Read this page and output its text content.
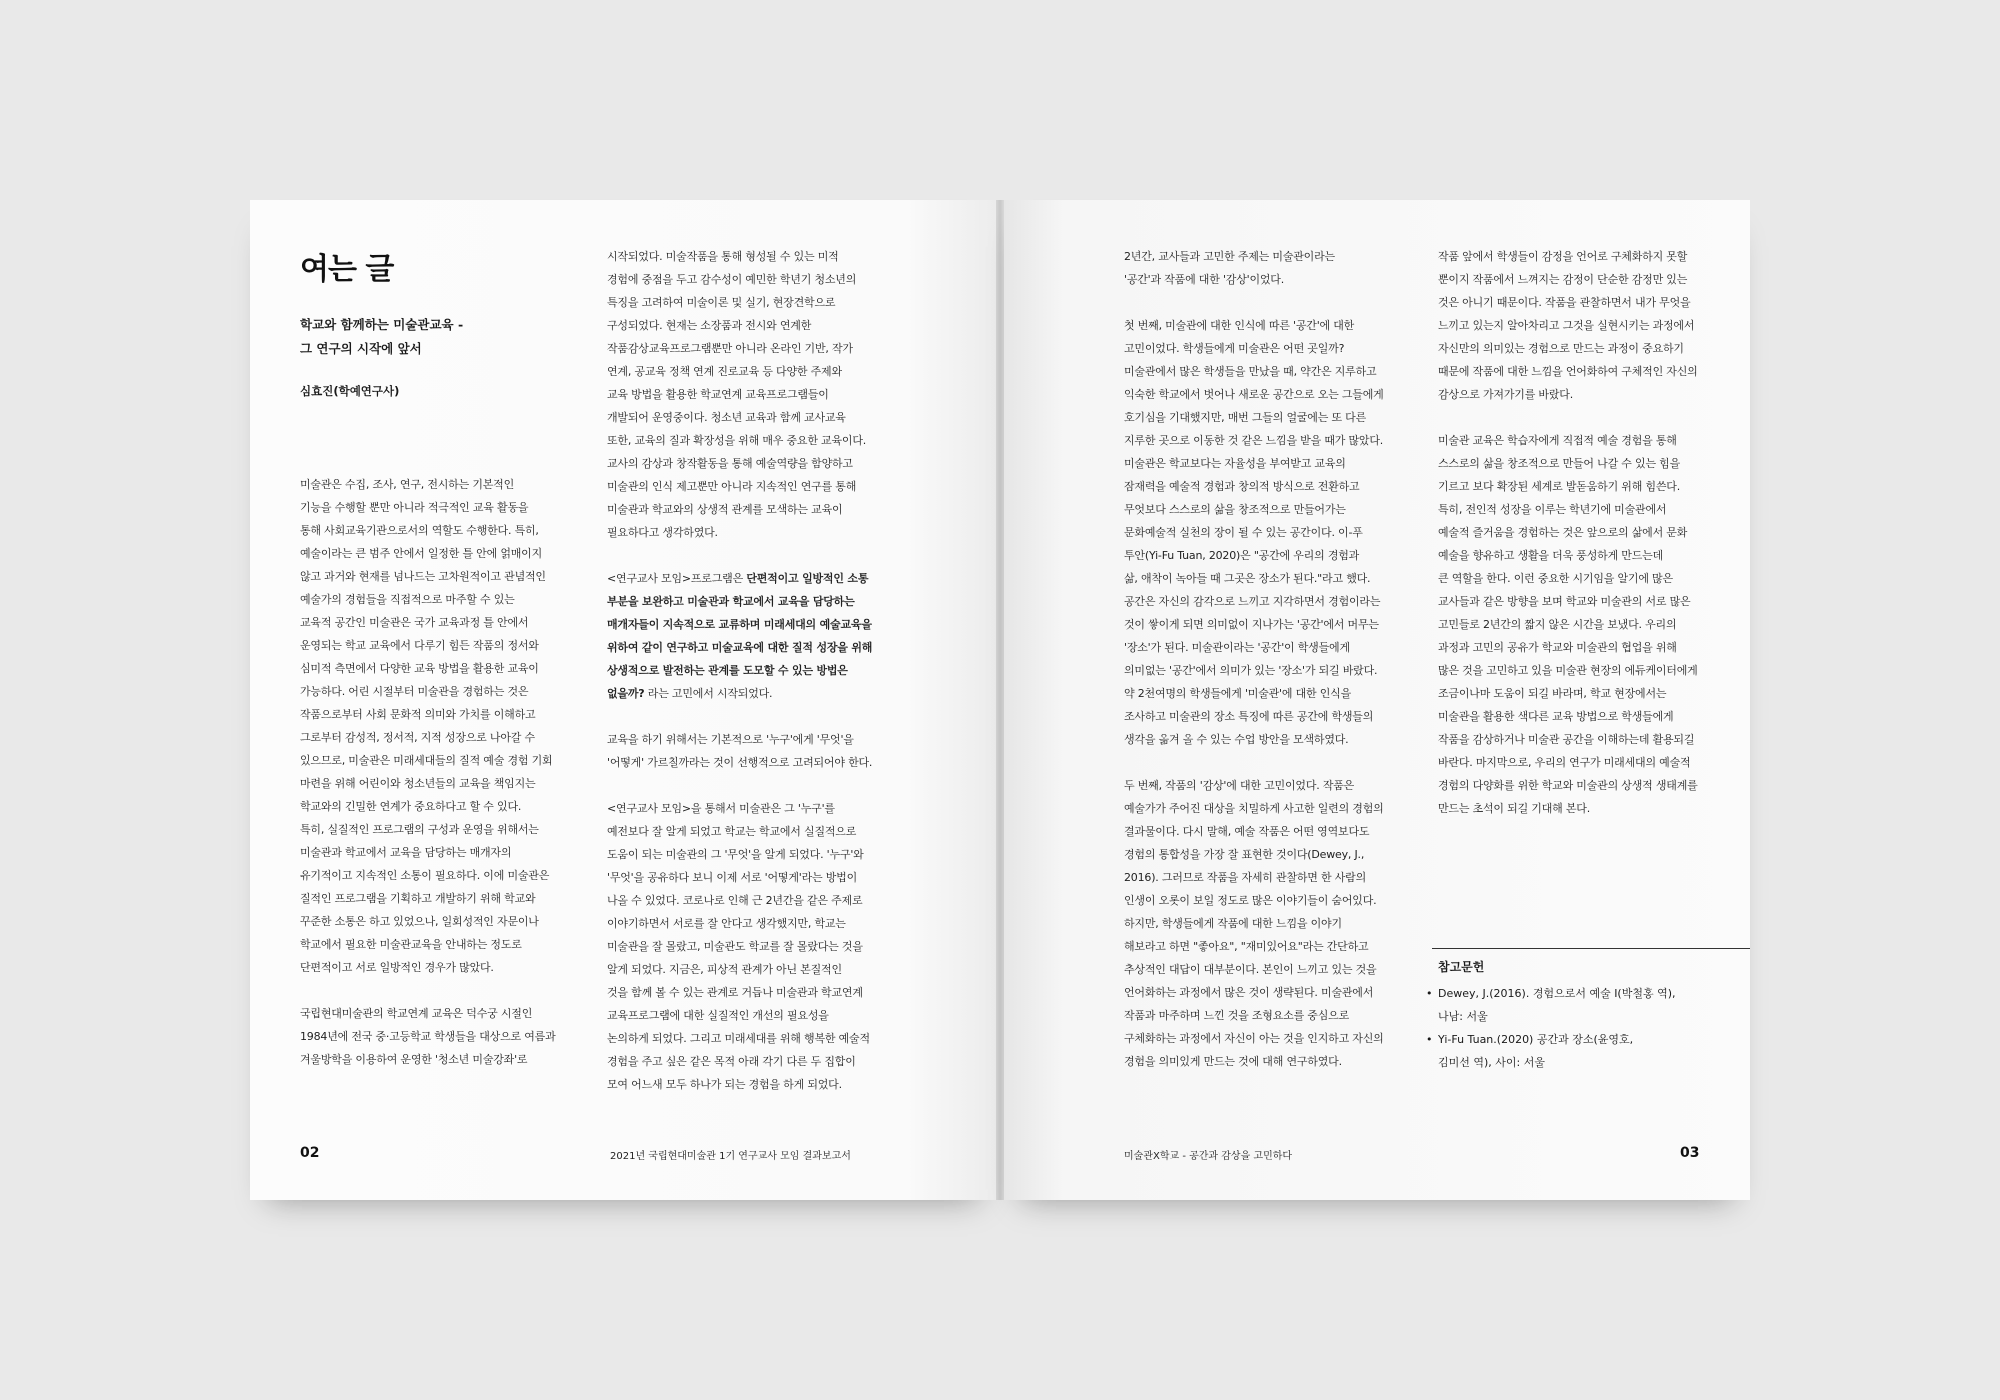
여는 글

학교와 함께하는 미술관교육 -
그 연구의 시작에 앞서

심효진(학예연구사)

미술관은 수집, 조사, 연구, 전시하는 기본적인
기능을 수행할 뿐만 아니라 적극적인 교육 활동을
통해 사회교육기관으로서의 역할도 수행한다. 특히,
예술이라는 큰 범주 안에서 일정한 틀 안에 얽매이지
않고 과거와 현재를 넘나드는 고차원적이고 관념적인
예술가의 경험들을 직접적으로 마주할 수 있는
교육적 공간인 미술관은 국가 교육과정 틀 안에서
운영되는 학교 교육에서 다루기 힘든 작품의 정서와
심미적 측면에서 다양한 교육 방법을 활용한 교육이
가능하다. 어린 시절부터 미술관을 경험하는 것은
작품으로부터 사회 문화적 의미와 가치를 이해하고
그로부터 감성적, 정서적, 지적 성장으로 나아갈 수
있으므로, 미술관은 미래세대들의 질적 예술 경험 기회
마련을 위해 어린이와 청소년들의 교육을 책임지는
학교와의 긴밀한 연계가 중요하다고 할 수 있다.
특히, 실질적인 프로그램의 구성과 운영을 위해서는
미술관과 학교에서 교육을 담당하는 매개자의
유기적이고 지속적인 소통이 필요하다. 이에 미술관은
질적인 프로그램을 기획하고 개발하기 위해 학교와
꾸준한 소통은 하고 있었으나, 일회성적인 자문이나
학교에서 필요한 미술관교육을 안내하는 정도로
단편적이고 서로 일방적인 경우가 많았다.

국립현대미술관의 학교연계 교육은 덕수궁 시절인
1984년에 전국 중·고등학교 학생들을 대상으로 여름과
겨울방학을 이용하여 운영한 '청소년 미술강좌'로

시작되었다. 미술작품을 통해 형성될 수 있는 미적
경험에 중점을 두고 감수성이 예민한 학년기 청소년의
특징을 고려하여 미술이론 및 실기, 현장견학으로
구성되었다. 현재는 소장품과 전시와 연계한
작품감상교육프로그램뿐만 아니라 온라인 기반, 작가
연계, 공교육 정책 연계 진로교육 등 다양한 주제와
교육 방법을 활용한 학교연계 교육프로그램들이
개발되어 운영중이다. 청소년 교육과 함께 교사교육
또한, 교육의 질과 확장성을 위해 매우 중요한 교육이다.
교사의 감상과 창작활동을 통해 예술역량을 함양하고
미술관의 인식 제고뿐만 아니라 지속적인 연구를 통해
미술관과 학교와의 상생적 관계를 모색하는 교육이
필요하다고 생각하였다.

<연구교사 모임>프로그램은 단편적이고 일방적인 소통
부분을 보완하고 미술관과 학교에서 교육을 담당하는
매개자들이 지속적으로 교류하며 미래세대의 예술교육을
위하여 같이 연구하고 미술교육에 대한 질적 성장을 위해
상생적으로 발전하는 관계를 도모할 수 있는 방법은
없을까? 라는 고민에서 시작되었다.

교육을 하기 위해서는 기본적으로 '누구'에게 '무엇'을
'어떻게' 가르칠까라는 것이 선행적으로 고려되어야 한다.

<연구교사 모임>을 통해서 미술관은 그 '누구'를
예전보다 잘 알게 되었고 학교는 학교에서 실질적으로
도움이 되는 미술관의 그 '무엇'을 알게 되었다. '누구'와
'무엇'을 공유하다 보니 이제 서로 '어떻게'라는 방법이
나올 수 있었다. 코로나로 인해 근 2년간을 같은 주제로
이야기하면서 서로를 잘 안다고 생각했지만, 학교는
미술관을 잘 몰랐고, 미술관도 학교를 잘 몰랐다는 것을
알게 되었다. 지금은, 피상적 관계가 아닌 본질적인
것을 함께 볼 수 있는 관계로 거듭나 미술관과 학교연계
교육프로그램에 대한 실질적인 개선의 필요성을
논의하게 되었다. 그리고 미래세대를 위해 행복한 예술적
경험을 주고 싶은 같은 목적 아래 각기 다른 두 집합이
모여 어느새 모두 하나가 되는 경험을 하게 되었다.

02	2021년 국립현대미술관 1기 연구교사 모임 결과보고서

2년간, 교사들과 고민한 주제는 미술관이라는
'공간'과 작품에 대한 '감상'이었다.

첫 번째, 미술관에 대한 인식에 따른 '공간'에 대한
고민이었다. 학생들에게 미술관은 어떤 곳일까?
미술관에서 많은 학생들을 만났을 때, 약간은 지루하고
익숙한 학교에서 벗어나 새로운 공간으로 오는 그들에게
호기심을 기대했지만, 매번 그들의 얼굴에는 또 다른
지루한 곳으로 이동한 것 같은 느낌을 받을 때가 많았다.
미술관은 학교보다는 자율성을 부여받고 교육의
잠재력을 예술적 경험과 창의적 방식으로 전환하고
무엇보다 스스로의 삶을 창조적으로 만들어가는
문화예술적 실천의 장이 될 수 있는 공간이다. 이-푸
투안(Yi-Fu Tuan, 2020)은 "공간에 우리의 경험과
삶, 애착이 녹아들 때 그곳은 장소가 된다."라고 했다.
공간은 자신의 감각으로 느끼고 지각하면서 경험이라는
것이 쌓이게 되면 의미없이 지나가는 '공간'에서 머무는
'장소'가 된다. 미술관이라는 '공간'이 학생들에게
의미없는 '공간'에서 의미가 있는 '장소'가 되길 바랐다.
약 2천여명의 학생들에게 '미술관'에 대한 인식을
조사하고 미술관의 장소 특징에 따른 공간에 학생들의
생각을 옮겨 올 수 있는 수업 방안을 모색하였다.

두 번째, 작품의 '감상'에 대한 고민이었다. 작품은
예술가가 주어진 대상을 치밀하게 사고한 일련의 경험의
결과물이다. 다시 말해, 예술 작품은 어떤 영역보다도
경험의 통합성을 가장 잘 표현한 것이다(Dewey, J.,
2016). 그러므로 작품을 자세히 관찰하면 한 사람의
인생이 오롯이 보일 정도로 많은 이야기들이 숨어있다.
하지만, 학생들에게 작품에 대한 느낌을 이야기
해보라고 하면 "좋아요", "재미있어요"라는 간단하고
추상적인 대답이 대부분이다. 본인이 느끼고 있는 것을
언어화하는 과정에서 많은 것이 생략된다. 미술관에서
작품과 마주하며 느낀 것을 조형요소를 중심으로
구체화하는 과정에서 자신이 아는 것을 인지하고 자신의
경험을 의미있게 만드는 것에 대해 연구하였다.

작품 앞에서 학생들이 감정을 언어로 구체화하지 못할
뿐이지 작품에서 느껴지는 감정이 단순한 감정만 있는
것은 아니기 때문이다. 작품을 관찰하면서 내가 무엇을
느끼고 있는지 알아차리고 그것을 실현시키는 과정에서
자신만의 의미있는 경험으로 만드는 과정이 중요하기
때문에 작품에 대한 느낌을 언어화하여 구체적인 자신의
감상으로 가져가기를 바랐다.

미술관 교육은 학습자에게 직접적 예술 경험을 통해
스스로의 삶을 창조적으로 만들어 나갈 수 있는 힘을
기르고 보다 확장된 세계로 발돋움하기 위해 힘쓴다.
특히, 전인적 성장을 이루는 학년기에 미술관에서
예술적 즐거움을 경험하는 것은 앞으로의 삶에서 문화
예술을 향유하고 생활을 더욱 풍성하게 만드는데
큰 역할을 한다. 이런 중요한 시기임을 알기에 많은
교사들과 같은 방향을 보며 학교와 미술관의 서로 많은
고민들로 2년간의 짧지 않은 시간을 보냈다. 우리의
과정과 고민의 공유가 학교와 미술관의 협업을 위해
많은 것을 고민하고 있을 미술관 현장의 에듀케이터에게
조금이나마 도움이 되길 바라며, 학교 현장에서는
미술관을 활용한 색다른 교육 방법으로 학생들에게
작품을 감상하거나 미술관 공간을 이해하는데 활용되길
바란다. 마지막으로, 우리의 연구가 미래세대의 예술적
경험의 다양화를 위한 학교와 미술관의 상생적 생태계를
만드는 초석이 되길 기대해 본다.

참고문헌

• Dewey, J.(2016). 경험으로서 예술 I(박철홍 역),
나남: 서울
• Yi-Fu Tuan.(2020) 공간과 장소(윤영호,
김미선 역), 사이: 서울
미술관X학교 - 공간과 감상을 고민하다	03
